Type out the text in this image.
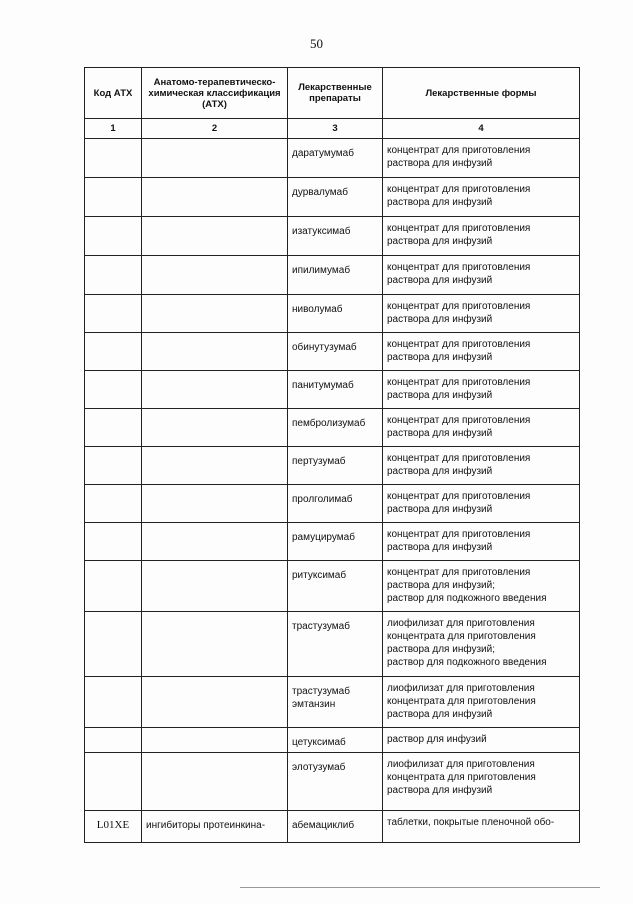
50
Код АТХ	Анатомо-терапевтическо-химическая классификация (АТХ)	Лекарственные препараты	Лекарственные формы
1	2	3	4
		даратумумаб	концентрат для приготовления раствора для инфузий
		дурвалумаб	концентрат для приготовления раствора для инфузий
		изатуксимаб	концентрат для приготовления раствора для инфузий
		ипилимумаб	концентрат для приготовления раствора для инфузий
		ниволумаб	концентрат для приготовления раствора для инфузий
		обинутузумаб	концентрат для приготовления раствора для инфузий
		панитумумаб	концентрат для приготовления раствора для инфузий
		пембролизумаб	концентрат для приготовления раствора для инфузий
		пертузумаб	концентрат для приготовления раствора для инфузий
		пролголимаб	концентрат для приготовления раствора для инфузий
		рамуцирумаб	концентрат для приготовления раствора для инфузий
		ритуксимаб	концентрат для приготовления раствора для инфузий;
раствор для подкожного введения
		трастузумаб	лиофилизат для приготовления концентрата для приготовления раствора для инфузий;
раствор для подкожного введения
		трастузумаб эмтанзин	лиофилизат для приготовления концентрата для приготовления раствора для инфузий
		цетуксимаб	раствор для инфузий
		элотузумаб	лиофилизат для приготовления концентрата для приготовления раствора для инфузий
L01XE	ингибиторы протеинкина-	абемациклиб	таблетки, покрытые пленочной обо-
